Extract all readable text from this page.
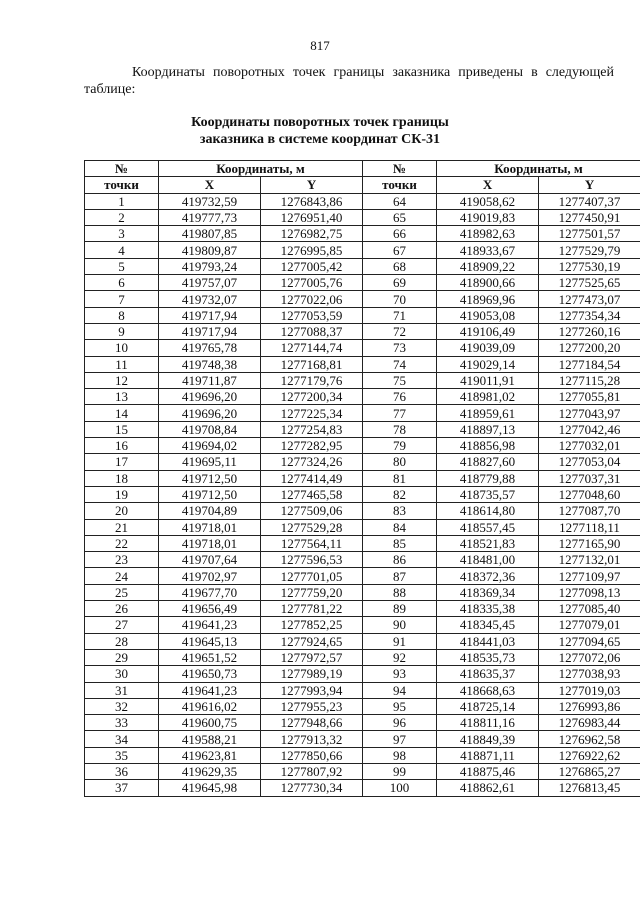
817
Координаты поворотных точек границы заказника приведены в следующей таблице:
Координаты поворотных точек границы
заказника в системе координат СК-31
№	Координаты, м		№	Координаты, м	
точки	X	Y	точки	X	Y
1	419732,59	1276843,86	64	419058,62	1277407,37
2	419777,73	1276951,40	65	419019,83	1277450,91
3	419807,85	1276982,75	66	418982,63	1277501,57
4	419809,87	1276995,85	67	418933,67	1277529,79
5	419793,24	1277005,42	68	418909,22	1277530,19
6	419757,07	1277005,76	69	418900,66	1277525,65
7	419732,07	1277022,06	70	418969,96	1277473,07
8	419717,94	1277053,59	71	419053,08	1277354,34
9	419717,94	1277088,37	72	419106,49	1277260,16
10	419765,78	1277144,74	73	419039,09	1277200,20
11	419748,38	1277168,81	74	419029,14	1277184,54
12	419711,87	1277179,76	75	419011,91	1277115,28
13	419696,20	1277200,34	76	418981,02	1277055,81
14	419696,20	1277225,34	77	418959,61	1277043,97
15	419708,84	1277254,83	78	418897,13	1277042,46
16	419694,02	1277282,95	79	418856,98	1277032,01
17	419695,11	1277324,26	80	418827,60	1277053,04
18	419712,50	1277414,49	81	418779,88	1277037,31
19	419712,50	1277465,58	82	418735,57	1277048,60
20	419704,89	1277509,06	83	418614,80	1277087,70
21	419718,01	1277529,28	84	418557,45	1277118,11
22	419718,01	1277564,11	85	418521,83	1277165,90
23	419707,64	1277596,53	86	418481,00	1277132,01
24	419702,97	1277701,05	87	418372,36	1277109,97
25	419677,70	1277759,20	88	418369,34	1277098,13
26	419656,49	1277781,22	89	418335,38	1277085,40
27	419641,23	1277852,25	90	418345,45	1277079,01
28	419645,13	1277924,65	91	418441,03	1277094,65
29	419651,52	1277972,57	92	418535,73	1277072,06
30	419650,73	1277989,19	93	418635,37	1277038,93
31	419641,23	1277993,94	94	418668,63	1277019,03
32	419616,02	1277955,23	95	418725,14	1276993,86
33	419600,75	1277948,66	96	418811,16	1276983,44
34	419588,21	1277913,32	97	418849,39	1276962,58
35	419623,81	1277850,66	98	418871,11	1276922,62
36	419629,35	1277807,92	99	418875,46	1276865,27
37	419645,98	1277730,34	100	418862,61	1276813,45
